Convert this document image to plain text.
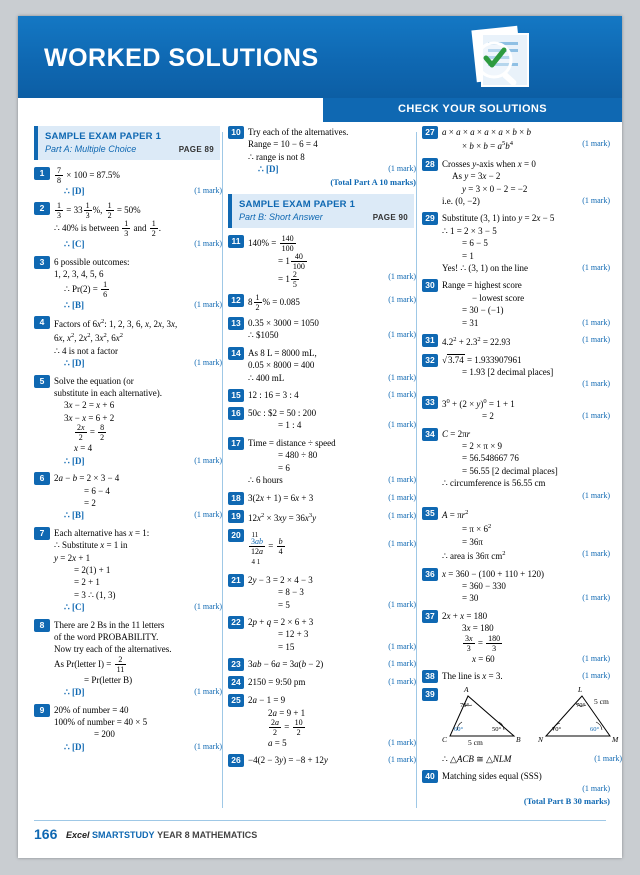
WORKED SOLUTIONS
CHECK YOUR SOLUTIONS
SAMPLE EXAM PAPER 1
Part A: Multiple Choice	PAGE 89
1	$\frac{7}{8} \times 100 = 87.5\%$
∴ [D]	(1 mark)
2	$\frac{1}{3} = 33 \frac{1}{3}$ %, $\frac{1}{2} = 50\%$
∴ 40% is between $\frac{1}{3}$ and $\frac{1}{2}$ .
∴ [C]	(1 mark)
3	6 possible outcomes:
1, 2, 3, 4, 5, 6
∴ $Pr(2) = \frac{1}{6}$
∴ [B]	(1 mark)
4	Factors of $6x^2$: 1, 2, 3, 6, x, 2x, 3x,
6x, $x^2$, $2x^2$, $3x^2$, $6x^2$
∴ 4 is not a factor
∴ [D]	(1 mark)
5	Solve the equation (or
substitute in each alternative).
3x − 2 = x + 6
3x − x = 6 + 2
$\frac{2x}{2} = \frac{8}{2}$
x = 4
∴ [D]	(1 mark)
6	2a − b = 2 × 3 − 4
= 6 − 4
= 2
∴ [B]	(1 mark)
7	Each alternative has x = 1:
∴ Substitute x = 1 in
y = 2x + 1
= 2(1) + 1
= 2 + 1
= 3 ∴ (1, 3)
∴ [C]	(1 mark)
8	There are 2 Bs in the 11 letters
of the word PROBABILITY.
Now try each of the alternatives.
As Pr(letter $I) = \frac{2}{11}$
= Pr(letter B)
∴ [D]	(1 mark)
9	20% of number = 40
100% of number = 40 × 5
= 200
∴ [D]	(1 mark)
10 Try each of the alternatives.
Range = 10 − 6 = 4
∴ range is not 8
∴ [D]	(1 mark)
(Total Part A 10 marks)
SAMPLE EXAM PAPER 1
Part B: Short Answer	PAGE 90
11 $140\% = \frac{140}{100}$
= $1 \frac{40}{100}$
= $1 \frac{2}{5}$	(1 mark)
12 $8 \frac{1}{2}$ % = 0.085	(1 mark)
13 0.35 × 3000 = 1050
∴ $1050	(1 mark)
14 As 8 L = 8000 mL,
0.05 × 8000 = 400
∴ 400 mL	(1 mark)
15 12 : 16 = 3 : 4	(1 mark)
16 50c : $2 = 50 : 200
= 1 : 4	(1 mark)
17 Time = distance ÷ speed
= 480 ÷ 80
= 6
∴ 6 hours	(1 mark)
18 3(2x + 1) = 6x + 3	(1 mark)
19 $12x^2 \times 3xy = 36x^3y$	(1 mark)
20	11
$\frac{3ab}{12a} = \frac{b}{4}$	(1 mark)
4 1
21 2y − 3 = 2 × 4 − 3
= 8 − 3
= 5	(1 mark)
22 2p + q = 2 × 6 + 3
= 12 + 3
= 15	(1 mark)
23 3ab − 6a = 3a(b − 2)	(1 mark)
24 2150 = 9:50 pm	(1 mark)
25 2a − 1 = 9
2a = 9 + 1
$\frac{2a}{2} = \frac{10}{2}$
a = 5	(1 mark)
26 −4(2 − 3y) = −8 + 12y	(1 mark)
27 a × a × a × a × a × b × b
× $b \times b = a^5b^4$	(1 mark)
28 Crosses y-axis when x = 0
As y = 3x − 2
y = 3 × 0 − 2 = −2
i.e. (0, −2)	(1 mark)
29 Substitute (3, 1) into y = 2x − 5
∴ 1 = 2 × 3 − 5
= 6 − 5
= 1
Yes! ∴ (3, 1) on the line	(1 mark)
30 Range = highest score
− lowest score
= 30 − (−1)
= 31	(1 mark)
31 $4.2^2 + 2.3^2 = 22.93$	(1 mark)
32 √3.74 = 1.933907961
= 1.93 [2 decimal places]
(1 mark)
33 $3^0 + (2 \times y)^0 = 1 + 1$
= 2	(1 mark)
34 C = 2πr
= 2 × π × 9
= 56.548667 76
= 56.55 [2 decimal places]
∴ circumference is 56.55 cm
(1 mark)
35 $A = \pi r^2$
= $\pi \times 6^2$
= 36π
∴ area is 36π $cm^2$	(1 mark)
36 x = 360 − (100 + 110 + 120)
= 360 − 330
= 30	(1 mark)
37 2x + x = 180
3x = 180
$\frac{3x}{3} = \frac{180}{3}$
x = 60	(1 mark)
38 The line is x = 3.	(1 mark)
39	A
C	B
L
N	M
70°
60°	50°
70°
70°	60°
5 cm
5 cm
∴ △ACB ≅ △NLM	(1 mark)
40 Matching sides equal (SSS)
(1 mark)
(Total Part B 30 marks)
166 Excel SMARTSTUDY YEAR 8 MATHEMATICS
